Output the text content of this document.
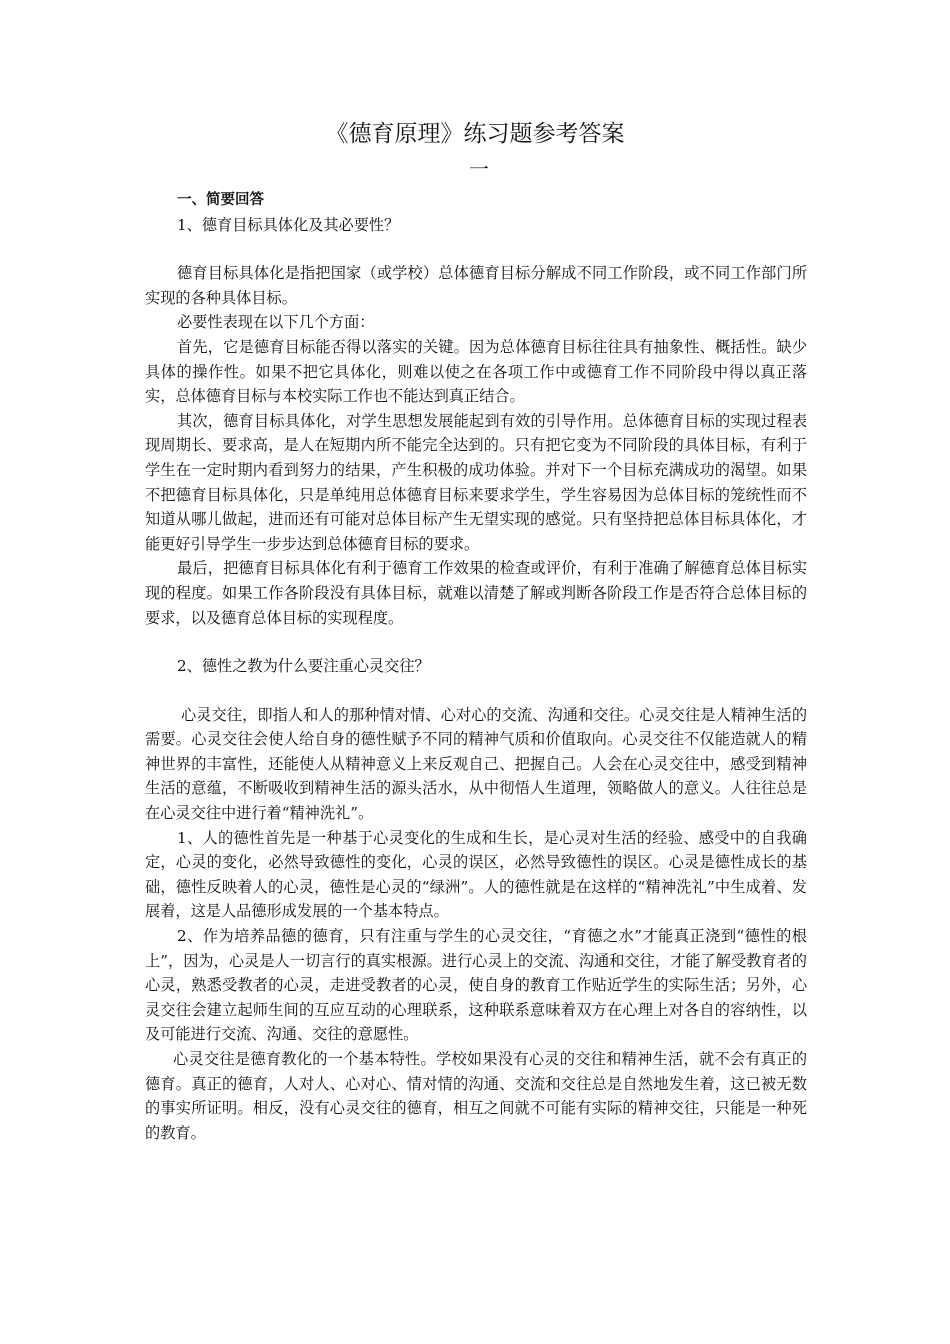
《德育原理》练习题参考答案
一

一、简要回答

1、德育目标具体化及其必要性？

德育目标具体化是指把国家（或学校）总体德育目标分解成不同工作阶段，或不同工作部门所实现的各种具体目标。

必要性表现在以下几个方面：

首先，它是德育目标能否得以落实的关键。因为总体德育目标往往具有抽象性、概括性。缺少具体的操作性。如果不把它具体化，则难以使之在各项工作中或德育工作不同阶段中得以真正落实，总体德育目标与本校实际工作也不能达到真正结合。

其次，德育目标具体化，对学生思想发展能起到有效的引导作用。总体德育目标的实现过程表现周期长、要求高，是人在短期内所不能完全达到的。只有把它变为不同阶段的具体目标，有利于学生在一定时期内看到努力的结果，产生积极的成功体验。并对下一个目标充满成功的渴望。如果不把德育目标具体化，只是单纯用总体德育目标来要求学生，学生容易因为总体目标的笼统性而不知道从哪儿做起，进而还有可能对总体目标产生无望实现的感觉。只有坚持把总体目标具体化，才能更好引导学生一步步达到总体德育目标的要求。

最后，把德育目标具体化有利于德育工作效果的检查或评价，有利于准确了解德育总体目标实现的程度。如果工作各阶段没有具体目标，就难以清楚了解或判断各阶段工作是否符合总体目标的要求，以及德育总体目标的实现程度。

2、德性之教为什么要注重心灵交往？

心灵交往，即指人和人的那种情对情、心对心的交流、沟通和交往。心灵交往是人精神生活的需要。心灵交往会使人给自身的德性赋予不同的精神气质和价值取向。心灵交往不仅能造就人的精神世界的丰富性，还能使人从精神意义上来反观自己、把握自己。人会在心灵交往中，感受到精神生活的意蕴，不断吸收到精神生活的源头活水，从中彻悟人生道理，领略做人的意义。人往往总是在心灵交往中进行着“精神洗礼”。

1、人的德性首先是一种基于心灵变化的生成和生长，是心灵对生活的经验、感受中的自我确定，心灵的变化，必然导致德性的变化，心灵的误区，必然导致德性的误区。心灵是德性成长的基础，德性反映着人的心灵，德性是心灵的“绿洲”。人的德性就是在这样的“精神洗礼”中生成着、发展着，这是人品德形成发展的一个基本特点。

2、作为培养品德的德育，只有注重与学生的心灵交往，“育德之水”才能真正浇到“德性的根上”，因为，心灵是人一切言行的真实根源。进行心灵上的交流、沟通和交往，才能了解受教育者的心灵，熟悉受教者的心灵，走进受教者的心灵，使自身的教育工作贴近学生的实际生活；另外，心灵交往会建立起师生间的互应互动的心理联系，这种联系意味着双方在心理上对各自的容纳性，以及可能进行交流、沟通、交往的意愿性。

心灵交往是德育教化的一个基本特性。学校如果没有心灵的交往和精神生活，就不会有真正的德育。真正的德育，人对人、心对心、情对情的沟通、交流和交往总是自然地发生着，这已被无数的事实所证明。相反，没有心灵交往的德育，相互之间就不可能有实际的精神交往，只能是一种死的教育。
